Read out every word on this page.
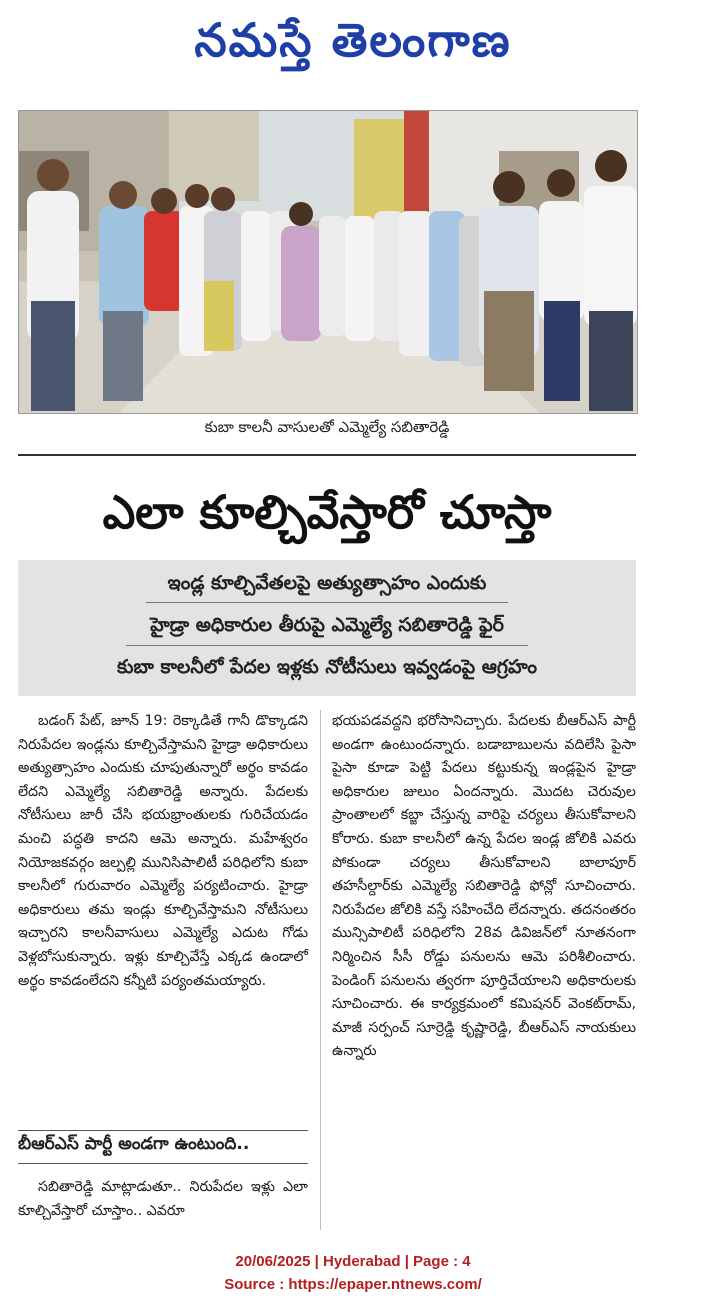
నమస్తే తెలంగాణ
కుబా కాలనీ వాసులతో ఎమ్మెల్యే సబితారెడ్డి
ఎలా కూల్చివేస్తారో చూస్తా
ఇండ్ల కూల్చివేతలపై అత్యుత్సాహం ఎందుకు
హైడ్రా అధికారుల తీరుపై ఎమ్మెల్యే సబితారెడ్డి ఫైర్
కుబా కాలనీలో పేదల ఇళ్లకు నోటీసులు ఇవ్వడంపై ఆగ్రహం

బడంగ్ పేట్, జూన్ 19: రెక్కాడితే గానీ డొక్కాడని నిరుపేదల ఇండ్లను కూల్చివేస్తామని హైడ్రా అధికారులు అత్యుత్సాహం ఎందుకు చూపుతున్నారో అర్థం కావడం లేదని ఎమ్మెల్యే సబితారెడ్డి అన్నారు. పేదలకు నోటీసులు జారీ చేసి భయభ్రాంతులకు గురిచేయడం మంచి పద్ధతి కాదని ఆమె అన్నారు. మహేశ్వరం నియోజకవర్గం జల్పల్లి మునిసిపాలిటీ పరిధిలోని కుబా కాలనీలో గురువారం ఎమ్మెల్యే పర్యటించారు. హైడ్రా అధికారులు తమ ఇండ్లు కూల్చివేస్తామని నోటీసులు ఇచ్చారని కాలనీవాసులు ఎమ్మెల్యే ఎదుట గోడు వెళ్లబోసుకున్నారు. ఇళ్లు కూల్చివేస్తే ఎక్కడ ఉండాలో అర్థం కావడంలేదని కన్నీటి పర్యంతమయ్యారు.

బీఆర్ఎస్ పార్టీ అండగా ఉంటుంది..

సబితారెడ్డి మాట్లాడుతూ.. నిరుపేదల ఇళ్లు ఎలా కూల్చివేస్తారో చూస్తాం.. ఎవరూ

భయపడవద్దని భరోసానిచ్చారు. పేదలకు బీఆర్ఎస్ పార్టీ అండగా ఉంటుందన్నారు. బడాబాబులను వదిలేసి పైసా పైసా కూడా పెట్టి పేదలు కట్టుకున్న ఇండ్లపైన హైడ్రా అధికారుల జులుం ఏందన్నారు. మొదట చెరువుల ప్రాంతాలలో కబ్జా చేస్తున్న వారిపై చర్యలు తీసుకోవాలని కోరారు. కుబా కాలనీలో ఉన్న పేదల ఇండ్ల జోలికి ఎవరు పోకుండా చర్యలు తీసుకోవాలని బాలాపూర్ తహసీల్దార్‌కు ఎమ్మెల్యే సబితారెడ్డి ఫోన్లో సూచించారు. నిరుపేదల జోలికి వస్తే సహించేది లేదన్నారు. తదనంతరం మున్సిపాలిటీ పరిధిలోని 28వ డివిజన్‌లో నూతనంగా నిర్మించిన సీసీ రోడ్డు పనులను ఆమె పరిశీలించారు. పెండింగ్ పనులను త్వరగా పూర్తిచేయాలని అధికారులకు సూచించారు. ఈ కార్యక్రమంలో కమిషనర్ వెంకట్‌రామ్, మాజీ సర్పంచ్ సూర్రెడ్డి కృష్ణారెడ్డి, బీఆర్ఎస్ నాయకులు ఉన్నారు

20/06/2025 | Hyderabad | Page : 4
Source : https://epaper.ntnews.com/
